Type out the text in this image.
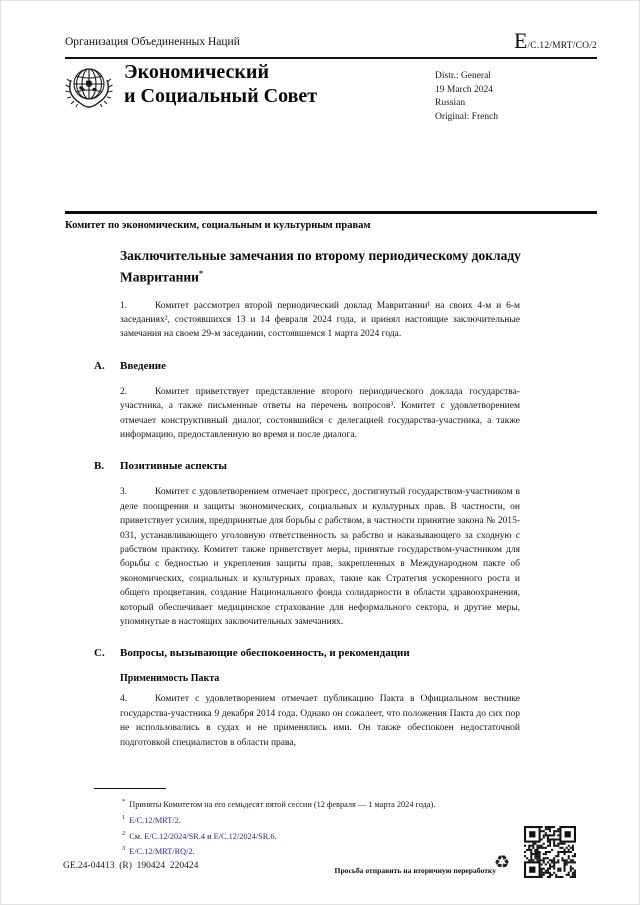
Организация Объединенных Наций	E/C.12/MRT/CO/2
Экономический
и Социальный Совет
Distr.: General
19 March 2024
Russian
Original: French
Комитет по экономическим, социальным и культурным правам
Заключительные замечания по второму периодическому докладу Мавритании*
1.	Комитет рассмотрел второй периодический доклад Мавритании¹ на своих 4-м и 6-м заседаниях², состоявшихся 13 и 14 февраля 2024 года, и принял настоящие заключительные замечания на своем 29-м заседании, состоявшемся 1 марта 2024 года.
A. Введение
2.	Комитет приветствует представление второго периодического доклада государства-участника, а также письменные ответы на перечень вопросов³. Комитет с удовлетворением отмечает конструктивный диалог, состоявшийся с делегацией государства-участника, а также информацию, предоставленную во время и после диалога.
B. Позитивные аспекты
3.	Комитет с удовлетворением отмечает прогресс, достигнутый государством-участником в деле поощрения и защиты экономических, социальных и культурных прав. В частности, он приветствует усилия, предпринятые для борьбы с рабством, в частности принятие закона № 2015-031, устанавливающего уголовную ответственность за рабство и наказывающего за сходную с рабством практику. Комитет также приветствует меры, принятые государством-участником для борьбы с бедностью и укрепления защиты прав, закрепленных в Международном пакте об экономических, социальных и культурных правах, такие как Стратегия ускоренного роста и общего процветания, создание Национального фонда солидарности в области здравоохранения, который обеспечивает медицинское страхование для неформального сектора, и другие меры, упомянутые в настоящих заключительных замечаниях.
C. Вопросы, вызывающие обеспокоенность, и рекомендации
Применимость Пакта
4.	Комитет с удовлетворением отмечает публикацию Пакта в Официальном вестнике государства-участника 9 декабря 2014 года. Однако он сожалеет, что положения Пакта до сих пор не использовались в судах и не применялись ими. Он также обеспокоен недостаточной подготовкой специалистов в области права,
* Приняты Комитетом на его семьдесят пятой сессии (12 февраля — 1 марта 2024 года).
$^1$ E/C.12/MRT/2.
$^2$ См. E/C.12/2024/SR.4 и E/C.12/2024/SR.6.
$^3$ E/C.12/MRT/RQ/2.
GE.24-04413  (R)  190424  220424	Просьба отправить на вторичную переработку
♻
